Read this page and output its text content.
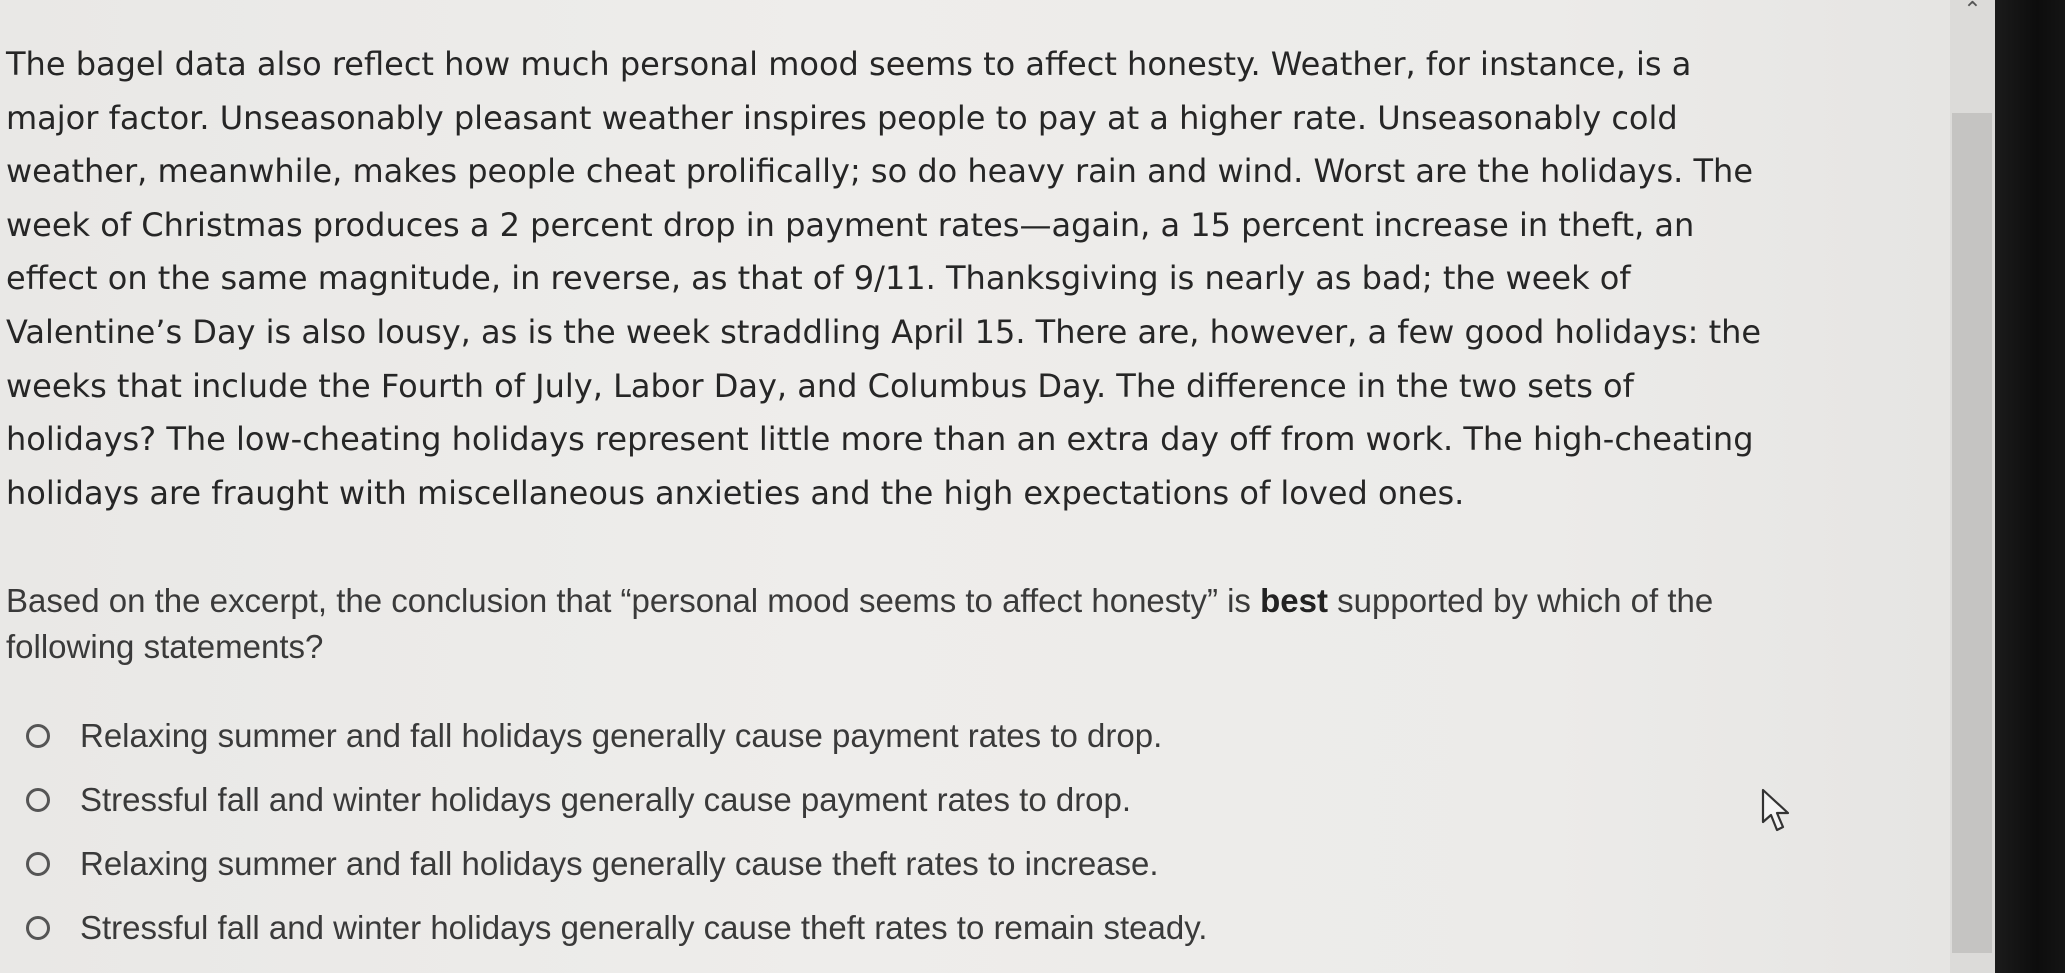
The bagel data also reflect how much personal mood seems to affect honesty. Weather, for instance, is a
major factor. Unseasonably pleasant weather inspires people to pay at a higher rate. Unseasonably cold
weather, meanwhile, makes people cheat prolifically; so do heavy rain and wind. Worst are the holidays. The
week of Christmas produces a 2 percent drop in payment rates—again, a 15 percent increase in theft, an
effect on the same magnitude, in reverse, as that of 9/11. Thanksgiving is nearly as bad; the week of
Valentine’s Day is also lousy, as is the week straddling April 15. There are, however, a few good holidays: the
weeks that include the Fourth of July, Labor Day, and Columbus Day. The difference in the two sets of
holidays? The low-cheating holidays represent little more than an extra day off from work. The high-cheating
holidays are fraught with miscellaneous anxieties and the high expectations of loved ones.
Based on the excerpt, the conclusion that “personal mood seems to affect honesty” is best supported by which of the
following statements?
Relaxing summer and fall holidays generally cause payment rates to drop.
Stressful fall and winter holidays generally cause payment rates to drop.
Relaxing summer and fall holidays generally cause theft rates to increase.
Stressful fall and winter holidays generally cause theft rates to remain steady.
⌃
